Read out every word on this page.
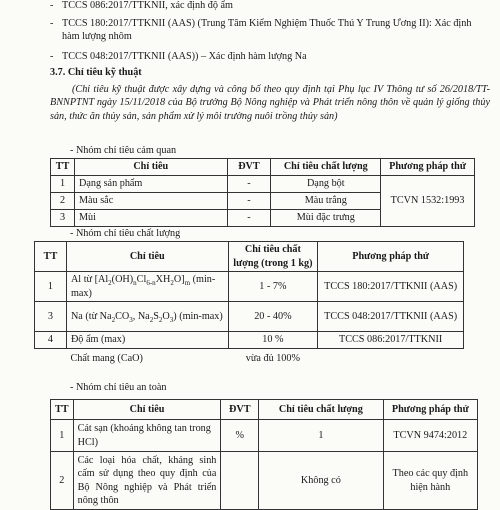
- TCCS 086:2017/TTKNII, xác định độ ẩm
- TCCS 180:2017/TTKNII (AAS) (Trung Tâm Kiểm Nghiệm Thuốc Thú Y Trung Ương II): Xác định hàm lượng nhôm
- TCCS 048:2017/TTKNII (AAS)) – Xác định hàm lượng Na
3.7. Chỉ tiêu kỹ thuật
(Chỉ tiêu kỹ thuật được xây dựng và công bố theo quy định tại Phụ lục IV Thông tư số 26/2018/TT-BNNPTNT ngày 15/11/2018 của Bộ trưởng Bộ Nông nghiệp và Phát triển nông thôn về quản lý giống thủy sản, thức ăn thủy sản, sản phẩm xử lý môi trường nuôi trồng thủy sản)
- Nhóm chỉ tiêu cảm quan
TT	Chỉ tiêu	ĐVT	Chỉ tiêu chất lượng	Phương pháp thử
1	Dạng sản phẩm	-	Dạng bột	TCVN 1532:1993
2	Màu sắc	-	Màu trắng	
3	Mùi	-	Mùi đặc trưng	
- Nhóm chỉ tiêu chất lượng
TT	Chỉ tiêu	Chỉ tiêu chất lượng (trong 1 kg)	Phương pháp thử
1	Al từ $[Al_2(OH)_nCl_{6-n}XH_2O]_m$ (min-max)	1 - 7%	TCCS 180:2017/TTKNII (AAS)
3	Na (từ $Na_2CO_3$, $Na_2S_2O_3$) (min-max)	20 - 40%	TCCS 048:2017/TTKNII (AAS)
4	Độ ẩm (max)	10 %	TCCS 086:2017/TTKNII
	Chất mang (CaO)	vừa đủ 100%	
- Nhóm chỉ tiêu an toàn
TT	Chỉ tiêu	ĐVT	Chỉ tiêu chất lượng	Phương pháp thử
1	Cát sạn (khoáng không tan trong HCl)	%	1	TCVN 9474:2012
2	Các loại hóa chất, kháng sinh cấm sử dụng theo quy định của Bộ Nông nghiệp và Phát triển nông thôn		Không có	Theo các quy định hiện hành
